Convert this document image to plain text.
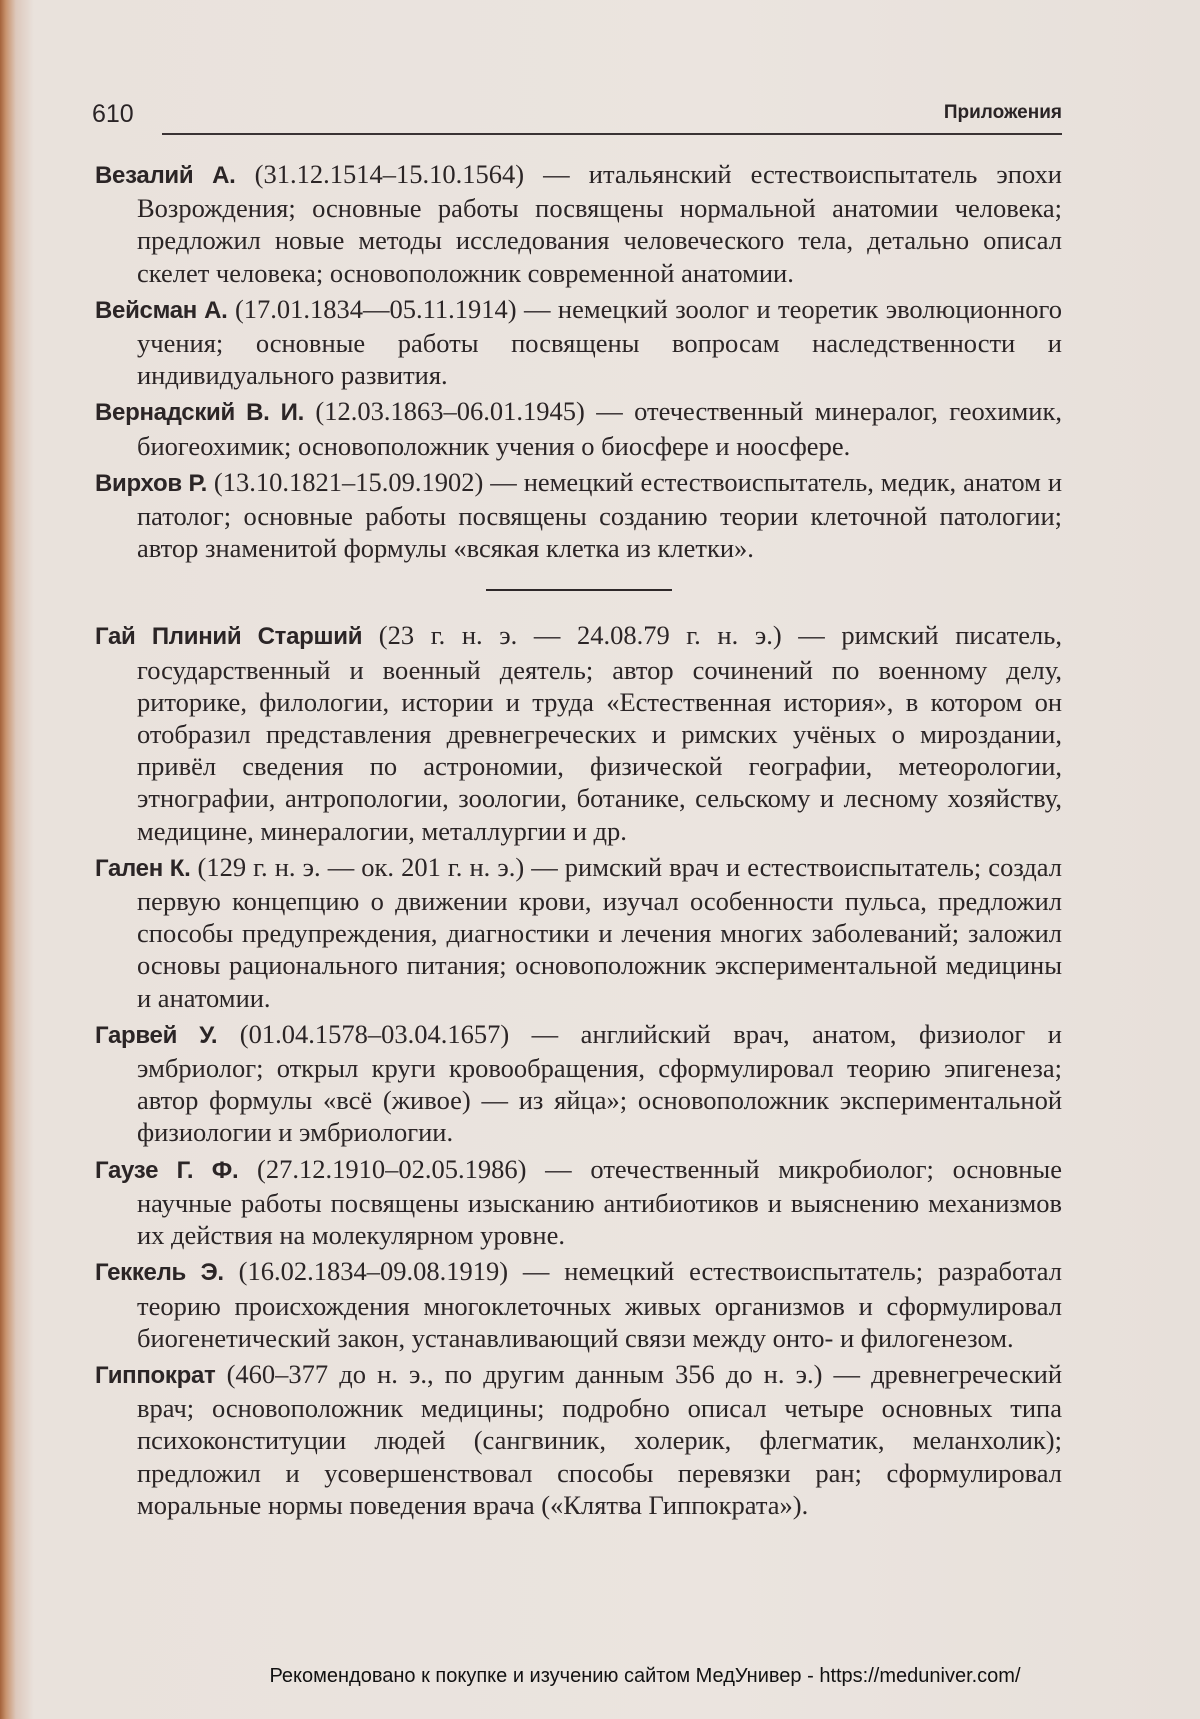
610	Приложения

Везалий А. (31.12.1514–15.10.1564) — итальянский естествоиспытатель эпохи Возрождения; основные работы посвящены нормальной анатомии человека; предложил новые методы исследования человеческого тела, детально описал скелет человека; основоположник современной анатомии.

Вейсман А. (17.01.1834—05.11.1914) — немецкий зоолог и теоретик эволюционного учения; основные работы посвящены вопросам наследственности и индивидуального развития.

Вернадский В. И. (12.03.1863–06.01.1945) — отечественный минералог, геохимик, биогеохимик; основоположник учения о биосфере и ноосфере.

Вирхов Р. (13.10.1821–15.09.1902) — немецкий естествоиспытатель, медик, анатом и патолог; основные работы посвящены созданию теории клеточной патологии; автор знаменитой формулы «всякая клетка из клетки».

Гай Плиний Старший (23 г. н. э. — 24.08.79 г. н. э.) — римский писатель, государственный и военный деятель; автор сочинений по военному делу, риторике, филологии, истории и труда «Естественная история», в котором он отобразил представления древнегреческих и римских учёных о мироздании, привёл сведения по астрономии, физической географии, метеорологии, этнографии, антропологии, зоологии, ботанике, сельскому и лесному хозяйству, медицине, минералогии, металлургии и др.

Гален К. (129 г. н. э. — ок. 201 г. н. э.) — римский врач и естествоиспытатель; создал первую концепцию о движении крови, изучал особенности пульса, предложил способы предупреждения, диагностики и лечения многих заболеваний; заложил основы рационального питания; основоположник экспериментальной медицины и анатомии.

Гарвей У. (01.04.1578–03.04.1657) — английский врач, анатом, физиолог и эмбриолог; открыл круги кровообращения, сформулировал теорию эпигенеза; автор формулы «всё (живое) — из яйца»; основоположник экспериментальной физиологии и эмбриологии.

Гаузе Г. Ф. (27.12.1910–02.05.1986) — отечественный микробиолог; основные научные работы посвящены изысканию антибиотиков и выяснению механизмов их действия на молекулярном уровне.

Геккель Э. (16.02.1834–09.08.1919) — немецкий естествоиспытатель; разработал теорию происхождения многоклеточных живых организмов и сформулировал биогенетический закон, устанавливающий связи между онто- и филогенезом.

Гиппократ (460–377 до н. э., по другим данным 356 до н. э.) — древнегреческий врач; основоположник медицины; подробно описал четыре основных типа психоконституции людей (сангвиник, холерик, флегматик, меланхолик); предложил и усовершенствовал способы перевязки ран; сформулировал моральные нормы поведения врача («Клятва Гиппократа»).

Рекомендовано к покупке и изучению сайтом МедУнивер - https://meduniver.com/
